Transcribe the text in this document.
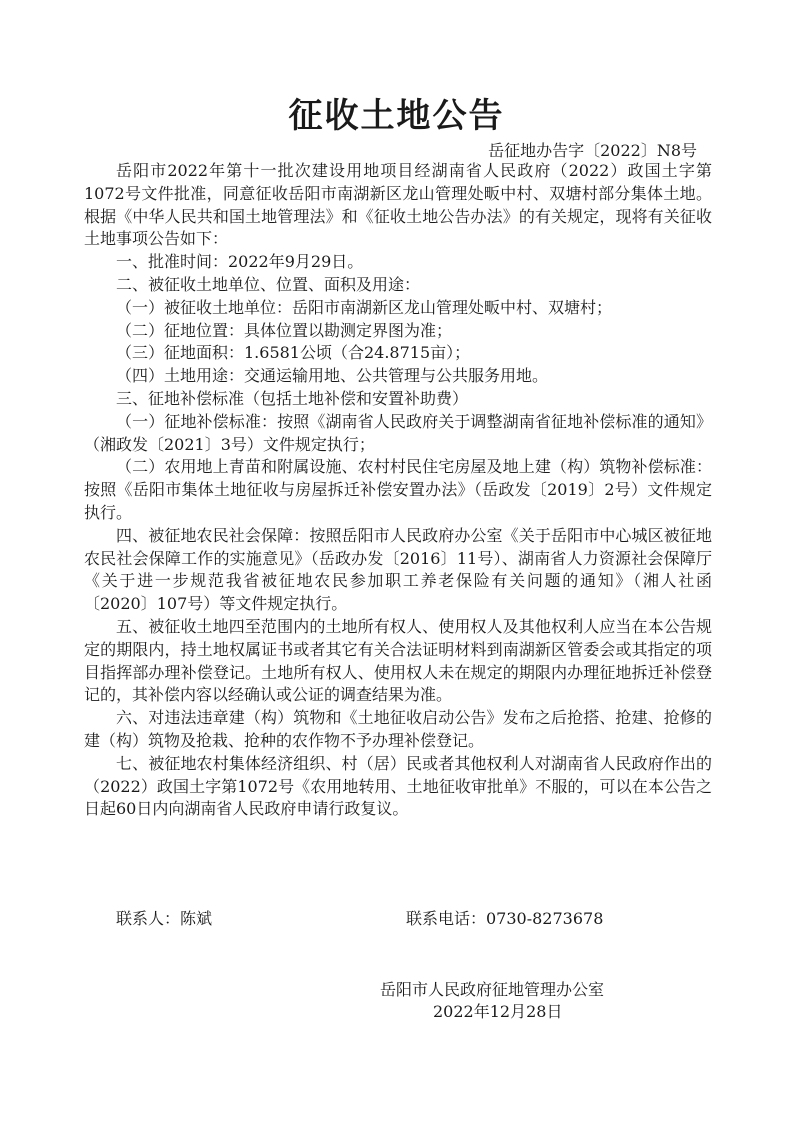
征收土地公告
岳征地办告字〔2022〕N8号

岳阳市2022年第十一批次建设用地项目经湖南省人民政府（2022）政国土字第1072号文件批准，同意征收岳阳市南湖新区龙山管理处畈中村、双塘村部分集体土地。根据《中华人民共和国土地管理法》和《征收土地公告办法》的有关规定，现将有关征收土地事项公告如下：

一、批准时间：2022年9月29日。

二、被征收土地单位、位置、面积及用途：

（一）被征收土地单位：岳阳市南湖新区龙山管理处畈中村、双塘村；

（二）征地位置：具体位置以勘测定界图为准；

（三）征地面积：1.6581公顷（合24.8715亩）；

（四）土地用途：交通运输用地、公共管理与公共服务用地。

三、征地补偿标准（包括土地补偿和安置补助费）

（一）征地补偿标准：按照《湖南省人民政府关于调整湖南省征地补偿标准的通知》（湘政发〔2021〕3号）文件规定执行；

（二）农用地上青苗和附属设施、农村村民住宅房屋及地上建（构）筑物补偿标准：按照《岳阳市集体土地征收与房屋拆迁补偿安置办法》（岳政发〔2019〕2号）文件规定执行。

四、被征地农民社会保障：按照岳阳市人民政府办公室《关于岳阳市中心城区被征地农民社会保障工作的实施意见》（岳政办发〔2016〕11号）、湖南省人力资源社会保障厅《关于进一步规范我省被征地农民参加职工养老保险有关问题的通知》（湘人社函〔2020〕107号）等文件规定执行。

五、被征收土地四至范围内的土地所有权人、使用权人及其他权利人应当在本公告规定的期限内，持土地权属证书或者其它有关合法证明材料到南湖新区管委会或其指定的项目指挥部办理补偿登记。土地所有权人、使用权人未在规定的期限内办理征地拆迁补偿登记的，其补偿内容以经确认或公证的调查结果为准。

六、对违法违章建（构）筑物和《土地征收启动公告》发布之后抢搭、抢建、抢修的建（构）筑物及抢栽、抢种的农作物不予办理补偿登记。

七、被征地农村集体经济组织、村（居）民或者其他权利人对湖南省人民政府作出的（2022）政国土字第1072号《农用地转用、土地征收审批单》不服的，可以在本公告之日起60日内向湖南省人民政府申请行政复议。

联系人：陈斌	联系电话：0730-8273678
岳阳市人民政府征地管理办公室
2022年12月28日
